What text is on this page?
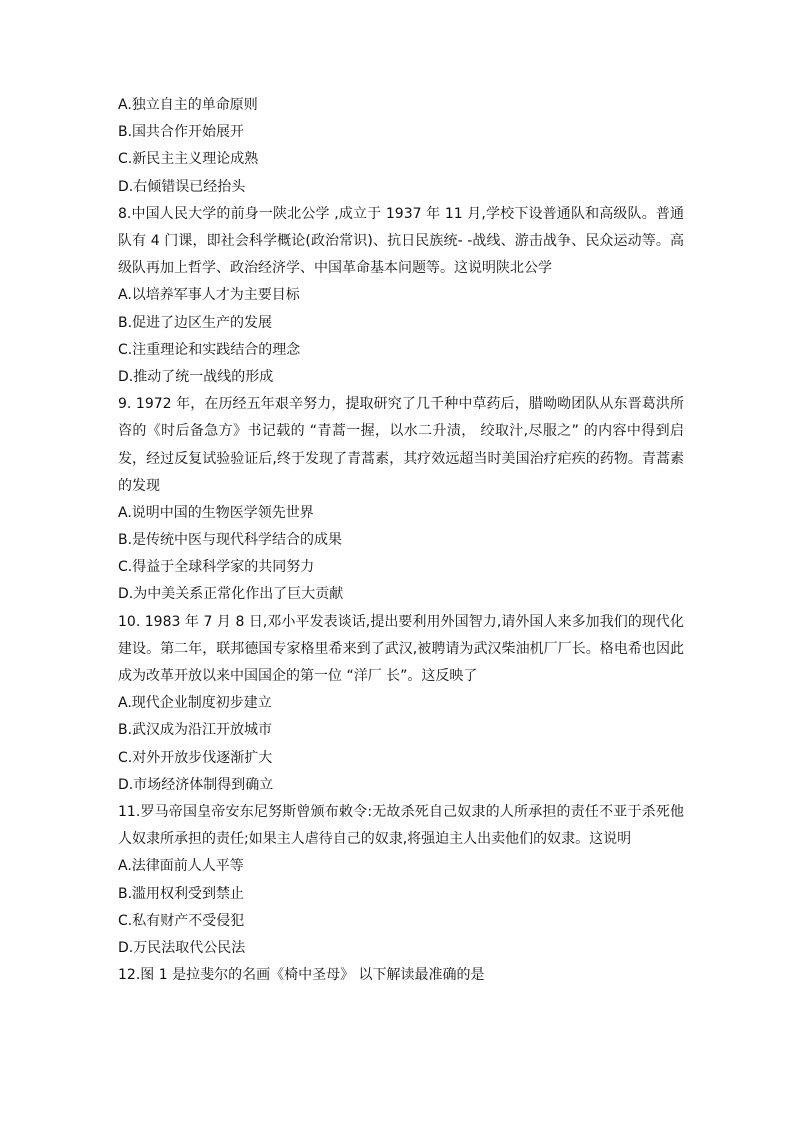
A.独立自主的单命原则
B.国共合作开始展开
C.新民主主义理论成熟
D.右倾错误已经抬头
8.中国人民大学的前身一陕北公学 ,成立于 1937 年 11 月,学校下设普通队和高级队。普通队有 4 门课，即社会科学概论(政治常识)、抗日民族统- -战线、游击战争、民众运动等。高级队再加上哲学、政治经济学、中国革命基本问题等。这说明陕北公学
A.以培养军事人才为主要目标
B.促进了边区生产的发展
C.注重理论和实践结合的理念
D.推动了统一战线的形成
9. 1972 年，在历经五年艰辛努力，提取研究了几千种中草药后，腊呦呦团队从东晋葛洪所咨的《时后备急方》书记载的 “青蒿一握，以水二升渍， 绞取汁,尽服之” 的内容中得到启发，经过反复试验验证后,终于发现了青蒿素，其疗效远超当时美国治疗疟疾的药物。青蒿素的发现
A.说明中国的生物医学领先世界
B.是传统中医与现代科学结合的成果
C.得益于全球科学家的共同努力
D.为中美关系正常化作出了巨大贡献
10. 1983 年 7 月 8 日,邓小平发表谈话,提出要利用外国智力,请外国人来多加我们的现代化建设。第二年，联邦德国专家格里希来到了武汉,被聘请为武汉柴油机厂厂长。格电希也因此成为改革开放以来中国国企的第一位 “洋厂 长”。这反映了
A.现代企业制度初步建立
B.武汉成为沿江开放城市
C.对外开放步伐逐渐扩大
D.市场经济体制得到确立
11.罗马帝国皇帝安东尼努斯曾颁布敕令:无故杀死自己奴隶的人所承担的责任不亚于杀死他人奴隶所承担的责任;如果主人虐待自己的奴隶,将强迫主人出卖他们的奴隶。这说明
A.法律面前人人平等
B.滥用权利受到禁止
C.私有财产不受侵犯
D.万民法取代公民法
12.图 1 是拉斐尔的名画《椅中圣母》 以下解读最准确的是
